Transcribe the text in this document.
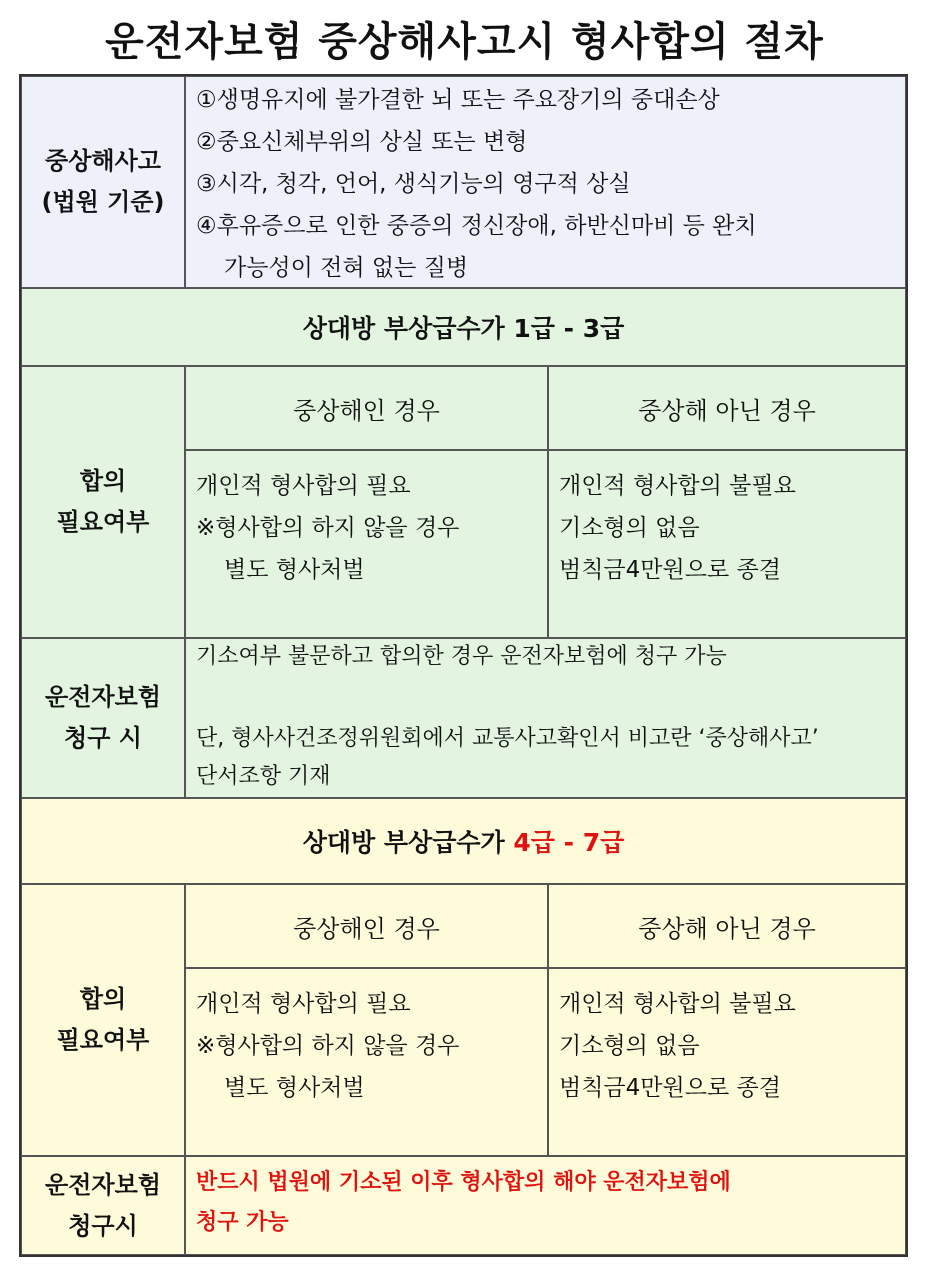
운전자보험 중상해사고시 형사합의 절차
중상해사고
(법원 기준)
①생명유지에 불가결한 뇌 또는 주요장기의 중대손상
②중요신체부위의 상실 또는 변형
③시각, 청각, 언어, 생식기능의 영구적 상실
④후유증으로 인한 중증의 정신장애, 하반신마비 등 완치
가능성이 전혀 없는 질병
상대방 부상급수가 1급 - 3급
합의
필요여부
중상해인 경우	중상해 아닌 경우
개인적 형사합의 필요
※형사합의 하지 않을 경우
별도 형사처벌
개인적 형사합의 불필요
기소형의 없음
범칙금4만원으로 종결
운전자보험
청구 시
기소여부 불문하고 합의한 경우 운전자보험에 청구 가능
단, 형사사건조정위원회에서 교통사고확인서 비고란 ‘중상해사고’
단서조항 기재
상대방 부상급수가 4급 - 7급
합의
필요여부
중상해인 경우	중상해 아닌 경우
개인적 형사합의 필요
※형사합의 하지 않을 경우
별도 형사처벌
개인적 형사합의 불필요
기소형의 없음
범칙금4만원으로 종결
운전자보험
청구시
반드시 법원에 기소된 이후 형사합의 해야 운전자보험에
청구 가능
